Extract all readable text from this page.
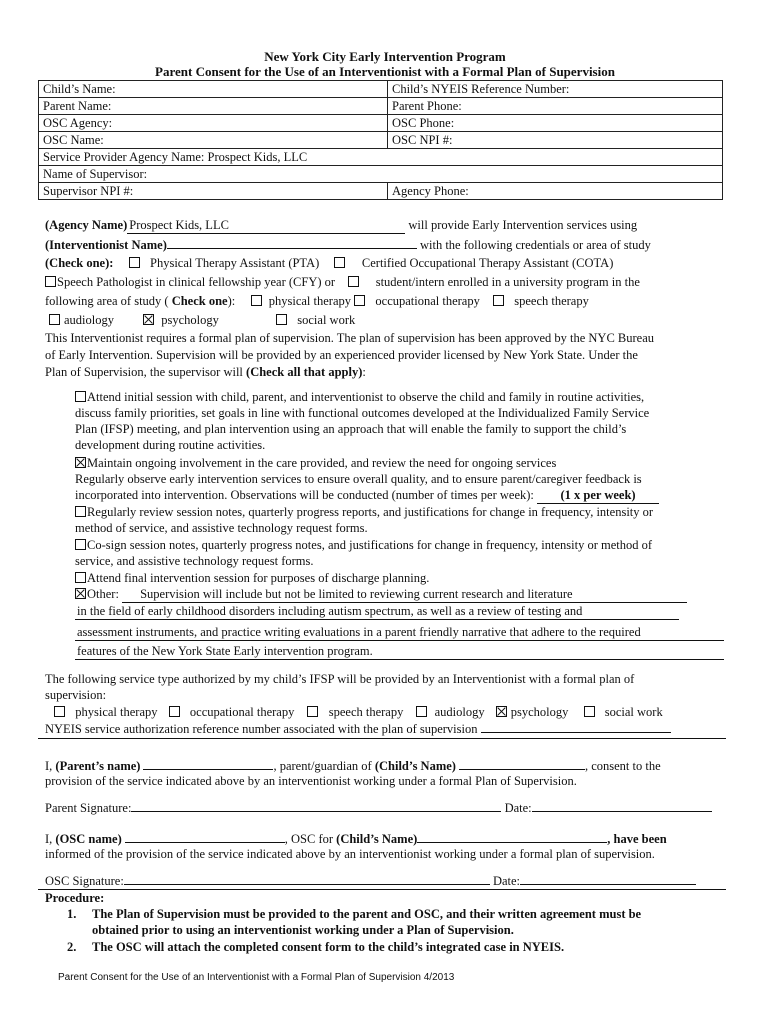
New York City Early Intervention Program
Parent Consent for the Use of an Interventionist with a Formal Plan of Supervision
Child’s Name:	Child’s NYEIS Reference Number:
Parent Name:	Parent Phone:
OSC Agency:	OSC Phone:
OSC Name:	OSC NPI #:
Service Provider Agency Name: Prospect Kids, LLC	
Name of Supervisor:	
Supervisor NPI #:	Agency Phone:
(Agency Name) Prospect Kids, LLC	will provide Early Intervention services using
(Interventionist Name)	with the following credentials or area of study
(Check one):	Physical Therapy Assistant (PTA)	Certified Occupational Therapy Assistant (COTA)
Speech Pathologist in clinical fellowship year (CFY) or	student/intern enrolled in a university program in the
following area of study ( Check one):	physical therapy occupational therapy	speech therapy
audiology	psychology	social work
This Interventionist requires a formal plan of supervision. The plan of supervision has been approved by the NYC Bureau
of Early Intervention. Supervision will be provided by an experienced provider licensed by New York State. Under the
Plan of Supervision, the supervisor will (Check all that apply):
Attend initial session with child, parent, and interventionist to observe the child and family in routine activities,
discuss family priorities, set goals in line with functional outcomes developed at the Individualized Family Service
Plan (IFSP) meeting, and plan intervention using an approach that will enable the family to support the child’s
development during routine activities.
Maintain ongoing involvement in the care provided, and review the need for ongoing services
Regularly observe early intervention services to ensure overall quality, and to ensure parent/caregiver feedback is
incorporated into intervention. Observations will be conducted (number of times per week): (1 x per week)
Regularly review session notes, quarterly progress reports, and justifications for change in frequency, intensity or
method of service, and assistive technology request forms.
Co-sign session notes, quarterly progress notes, and justifications for change in frequency, intensity or method of
service, and assistive technology request forms.
Attend final intervention session for purposes of discharge planning.
Other: Supervision will include but not be limited to reviewing current research and literature
in the field of early childhood disorders including autism spectrum, as well as a review of testing and
assessment instruments, and practice writing evaluations in a parent friendly narrative that adhere to the required
features of the New York State Early intervention program.
The following service type authorized by my child’s IFSP will be provided by an Interventionist with a formal plan of
supervision:
physical therapy	occupational therapy	speech therapy	audiology psychology	social work
NYEIS service authorization reference number associated with the plan of supervision
I, (Parent’s name)	, parent/guardian of (Child’s Name)	, consent to the
provision of the service indicated above by an interventionist working under a formal Plan of Supervision.
Parent Signature:	Date:
I, (OSC name)	, OSC for (Child’s Name)	, have been
informed of the provision of the service indicated above by an interventionist working under a formal plan of supervision.
OSC Signature:	Date:
Procedure:
1. The Plan of Supervision must be provided to the parent and OSC, and their written agreement must be
obtained prior to using an interventionist working under a Plan of Supervision.
2. The OSC will attach the completed consent form to the child’s integrated case in NYEIS.
Parent Consent for the Use of an Interventionist with a Formal Plan of Supervision 4/2013
